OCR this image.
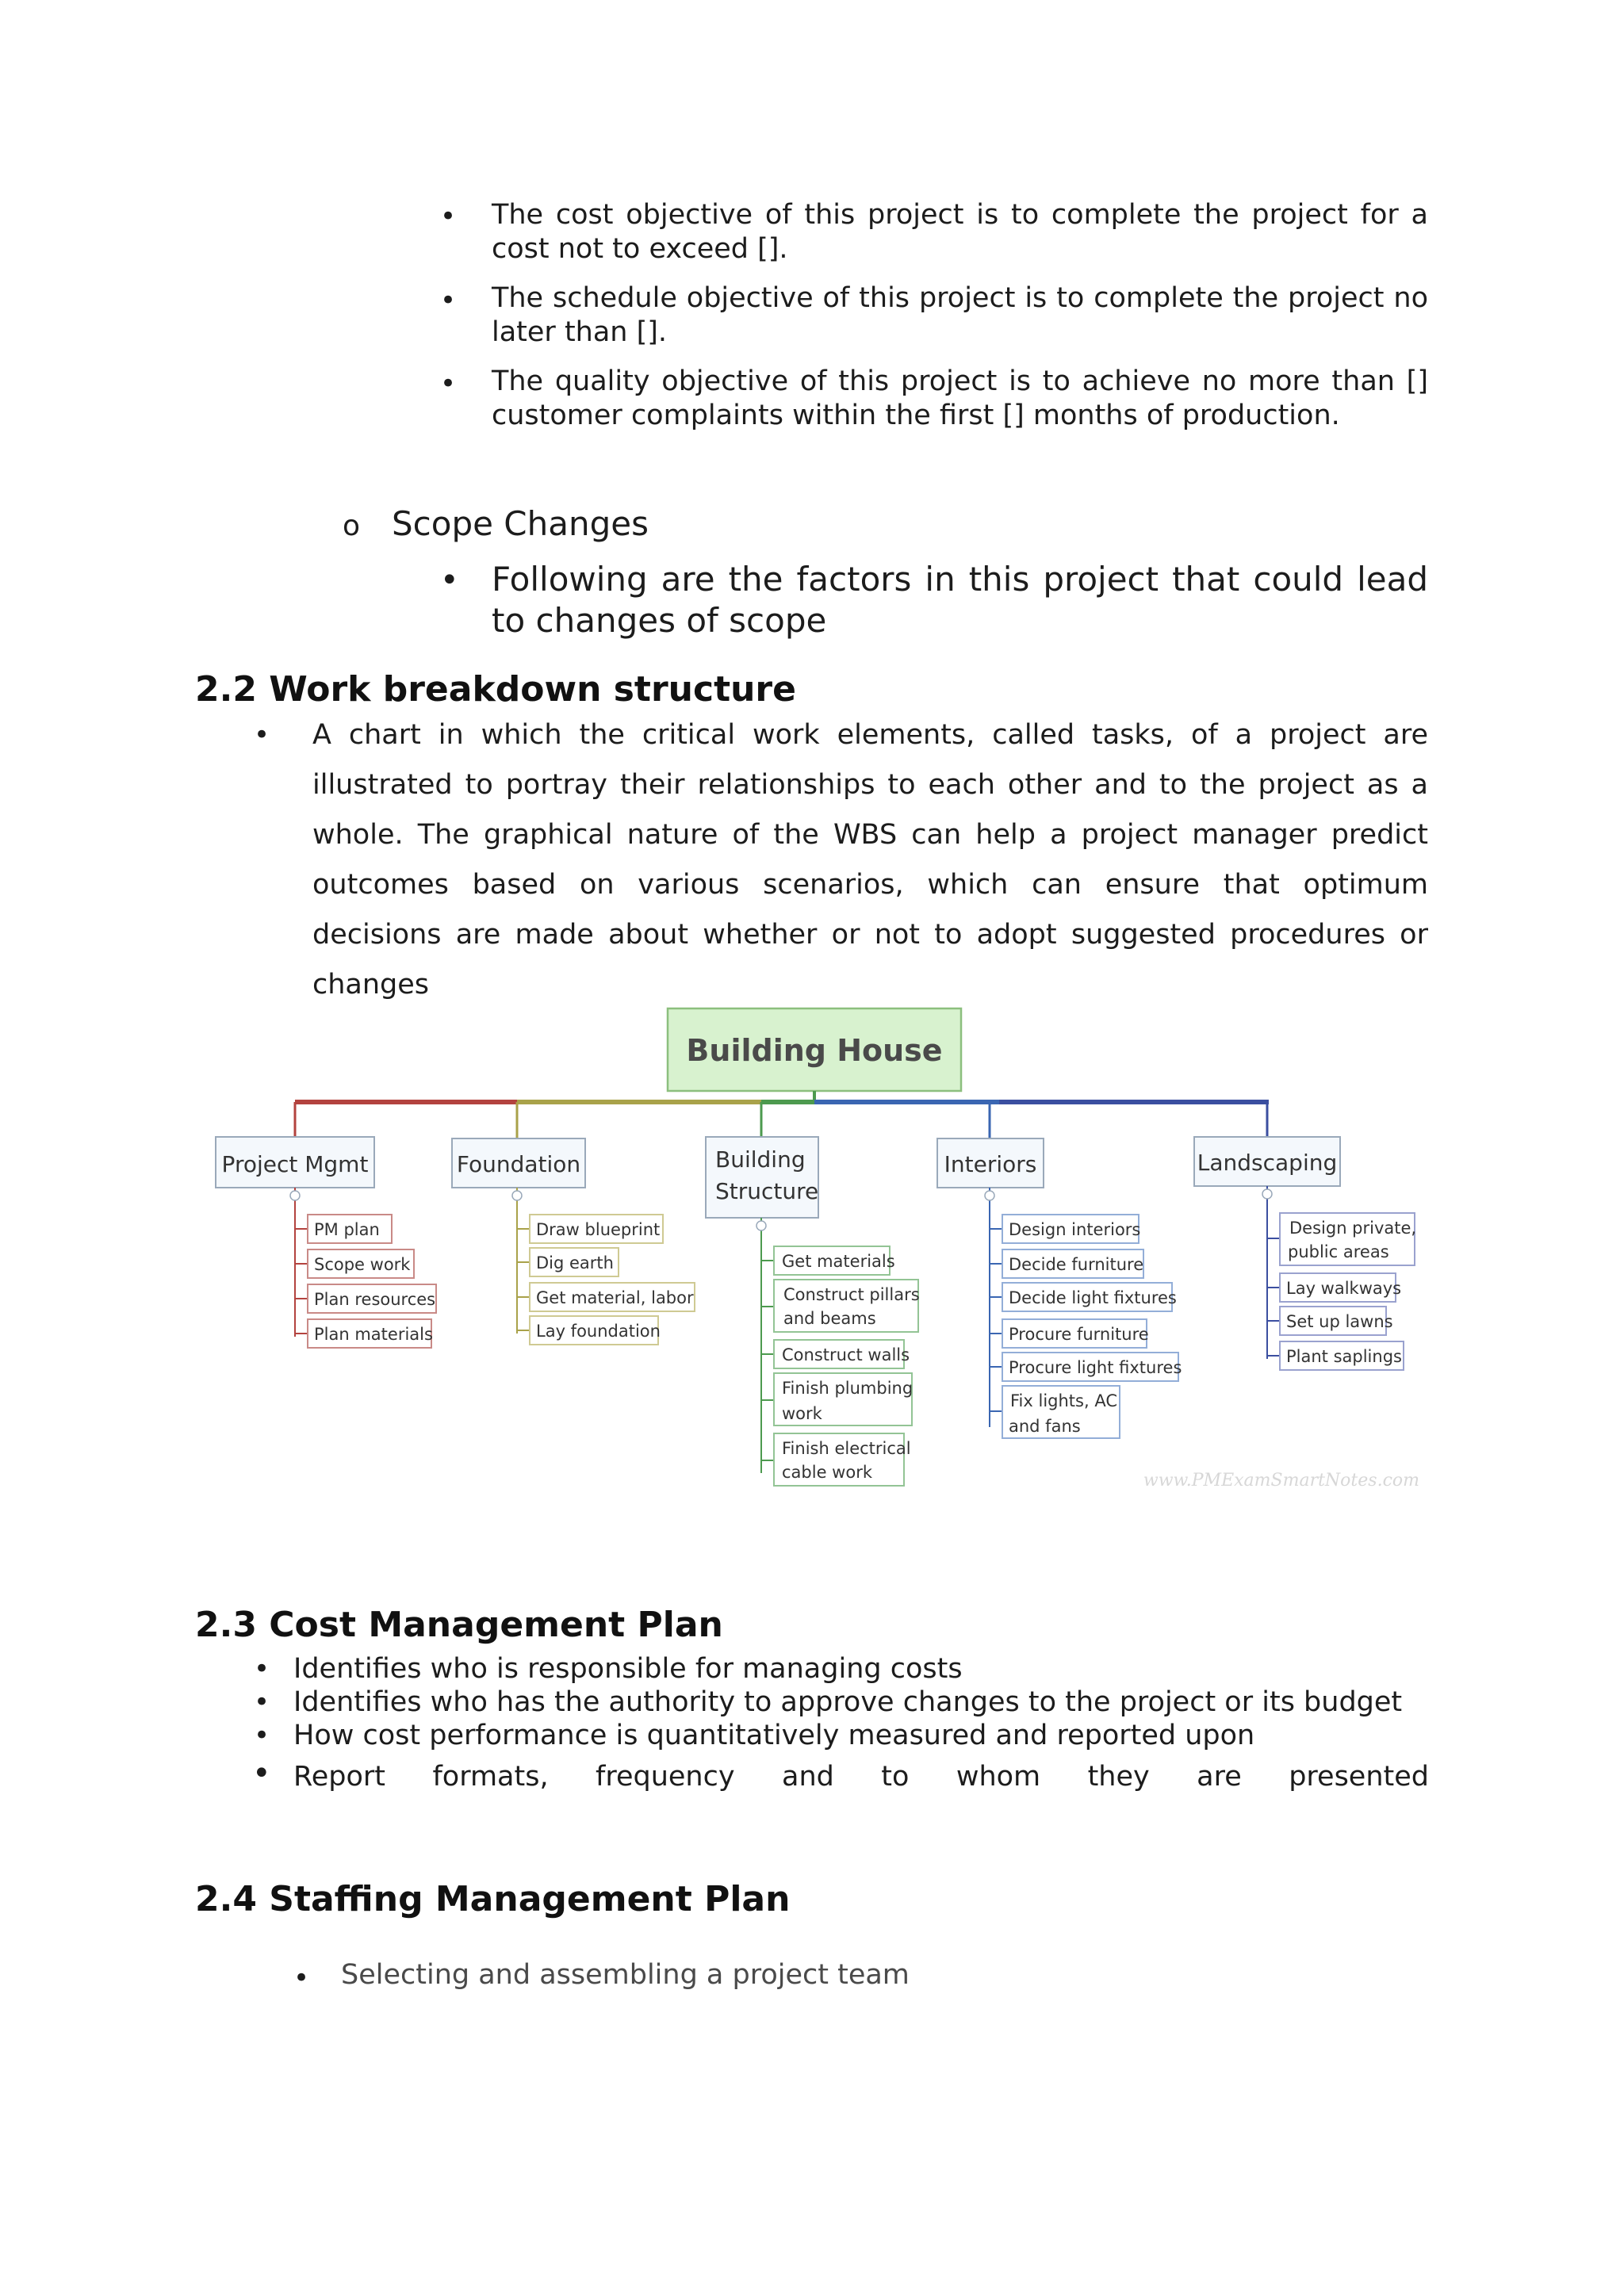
• The cost objective of this project is to complete the project for a cost not to exceed [].
• The schedule objective of this project is to complete the project no later than [].
• The quality objective of this project is to achieve no more than [] customer complaints within the first [] months of production.
o Scope Changes
• Following are the factors in this project that could lead to changes of scope
2.2 Work breakdown structure
• A chart in which the critical work elements, called tasks, of a project are illustrated to portray their relationships to each other and to the project as a whole. The graphical nature of the WBS can help a project manager predict outcomes based on various scenarios, which can ensure that optimum decisions are made about whether or not to adopt suggested procedures or changes
Building House
Project Mgmt
PM plan
Scope work
Plan resources
Plan materials
Foundation
Draw blueprint
Dig earth
Get material, labor
Lay foundation
Building Structure
Get materials
Construct pillars and beams
Construct walls
Finish plumbing work
Finish electrical cable work
Interiors
Design interiors
Decide furniture
Decide light fixtures
Procure furniture
Procure light fixtures
Fix lights, AC and fans
Landscaping
Design private, public areas
Lay walkways
Set up lawns
Plant saplings
www.PMExamSmartNotes.com
2.3 Cost Management Plan
• Identifies who is responsible for managing costs
• Identifies who has the authority to approve changes to the project or its budget
• How cost performance is quantitatively measured and reported upon
• Report formats, frequency and to whom they are presented
2.4 Staffing Management Plan
• Selecting and assembling a project team
